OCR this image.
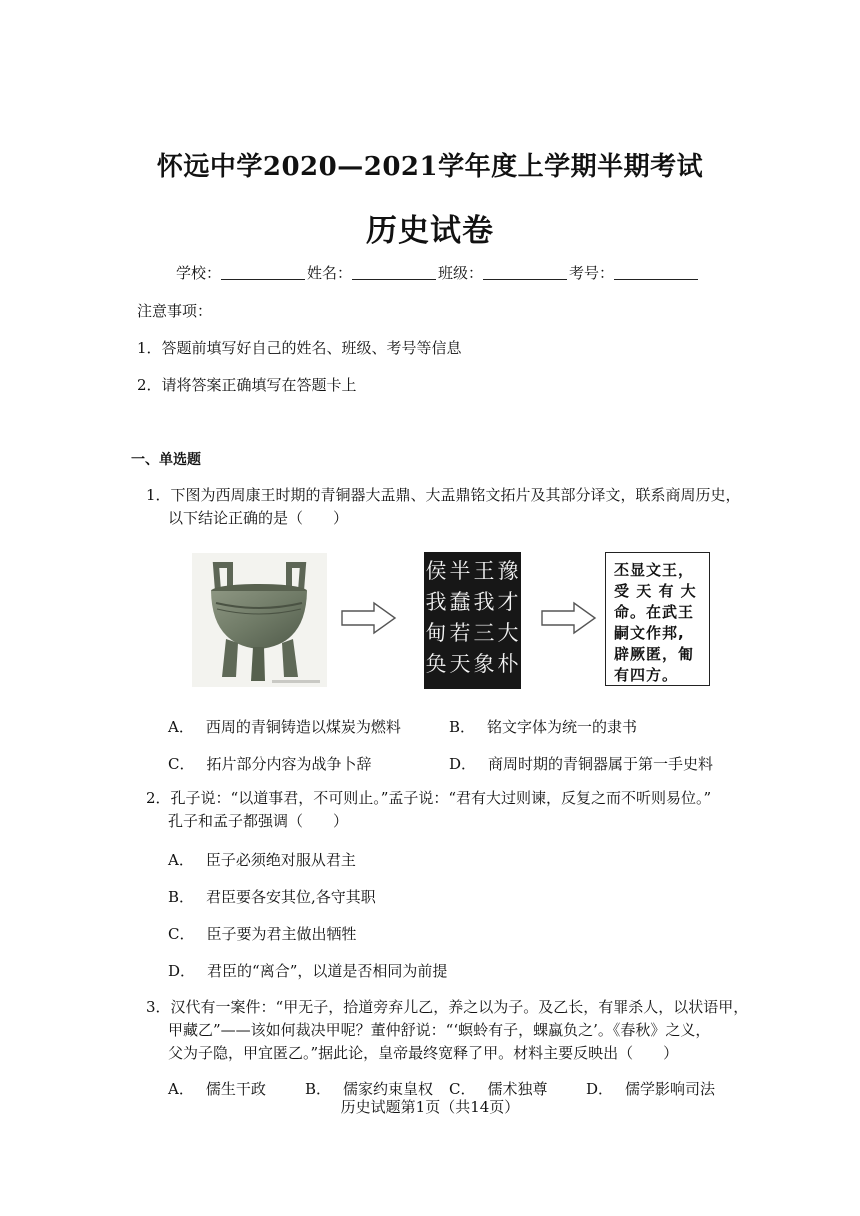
怀远中学2020—2021学年度上学期半期考试
历史试卷
学校：	姓名：	班级：	考号：
注意事项：
1．答题前填写好自己的姓名、班级、考号等信息
2．请将答案正确填写在答题卡上
一、单选题
1．下图为西周康王时期的青铜器大盂鼎、大盂鼎铭文拓片及其部分译文，联系商周历史，
以下结论正确的是（　　）
侯我甸奂
半蠢若天
王我三象
豫才大朴
丕显文王，
受 天 有 大
命。在武王
嗣文作邦,
辟厥匿，匍
有四方。
A． 西周的青铜铸造以煤炭为燃料	B． 铭文字体为统一的隶书
C． 拓片部分内容为战争卜辞	D． 商周时期的青铜器属于第一手史料
2．孔子说：“以道事君，不可则止。”孟子说：“君有大过则谏，反复之而不听则易位。”
孔子和孟子都强调（　　）
A． 臣子必须绝对服从君主
B． 君臣要各安其位,各守其职
C． 臣子要为君主做出牺牲
D． 君臣的“离合”，以道是否相同为前提
3．汉代有一案件：“甲无子，拾道旁弃儿乙，养之以为子。及乙长，有罪杀人，以状语甲，
甲藏乙”——该如何裁决甲呢？董仲舒说：“‘螟蛉有子，蜾蠃负之’。《春秋》之义，
父为子隐，甲宜匿乙。”据此论，皇帝最终宽释了甲。材料主要反映出（　　）
A． 儒生干政	B． 儒家约束皇权 C． 儒术独尊	D． 儒学影响司法
历史试题第1页（共14页）
